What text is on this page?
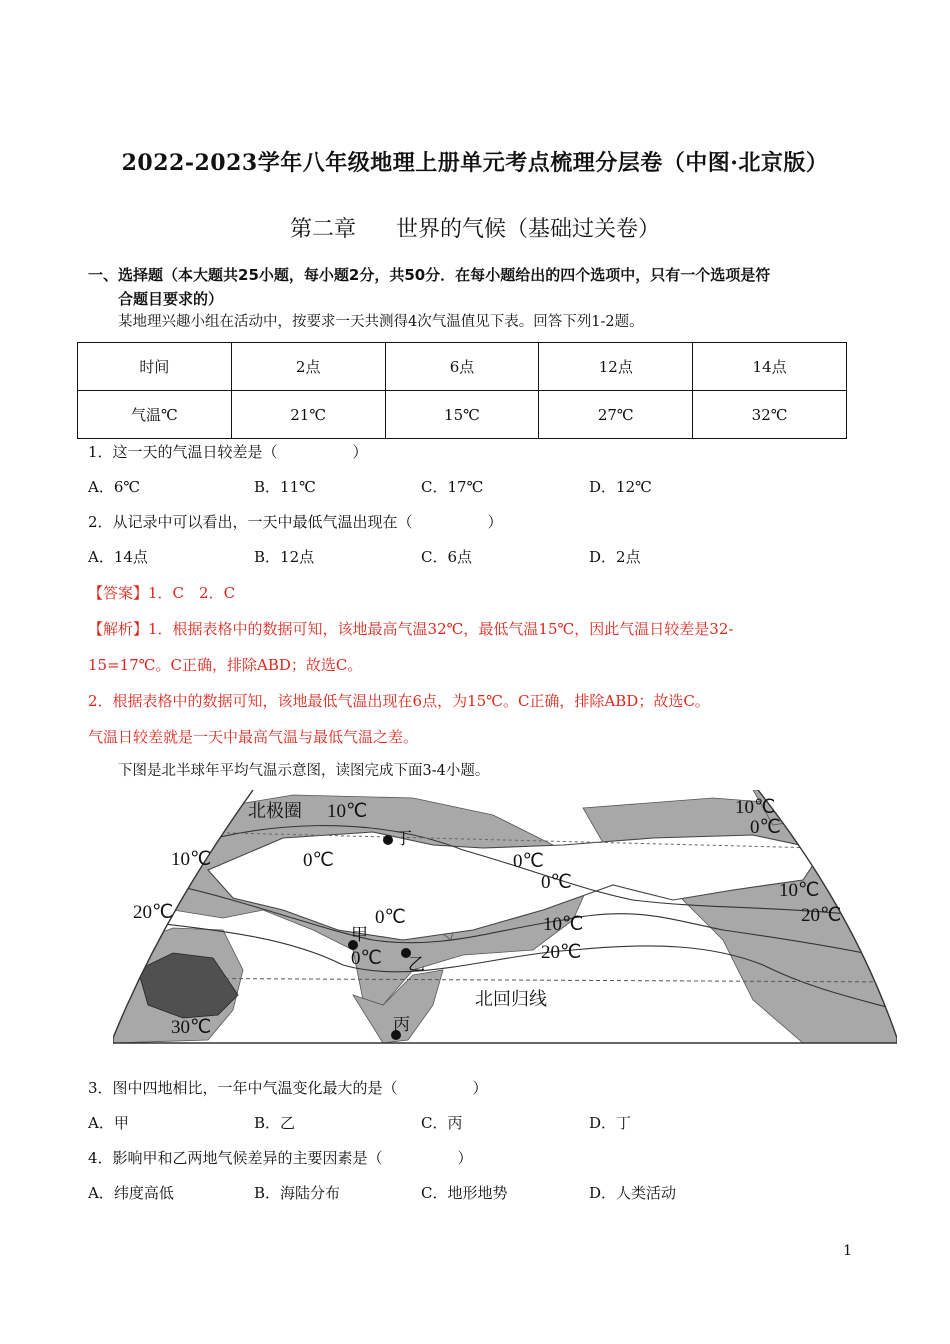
2022-2023学年八年级地理上册单元考点梳理分层卷（中图·北京版）
第二章 世界的气候（基础过关卷）
一、选择题（本大题共25小题，每小题2分，共50分．在每小题给出的四个选项中，只有一个选项是符
合题目要求的）
某地理兴趣小组在活动中，按要求一天共测得4次气温值见下表。回答下列1-2题。
时间	2点	6点	12点	14点
气温℃	21℃	15℃	27℃	32℃
1．这一天的气温日较差是（　　　　　）
A．6℃	B．11℃	C．17℃	D．12℃
2．从记录中可以看出，一天中最低气温出现在（　　　　　）
A．14点	B．12点	C．6点	D．2点
【答案】1．C　2．C
【解析】1．根据表格中的数据可知，该地最高气温32℃，最低气温15℃，因此气温日较差是32-
15=17℃。C正确，排除ABD；故选C。
2．根据表格中的数据可知，该地最低气温出现在6点，为15℃。C正确，排除ABD；故选C。
气温日较差就是一天中最高气温与最低气温之差。
下图是北半球年平均气温示意图，读图完成下面3-4小题。
北极圈
北回归线
10℃
10℃
10℃
10℃
10℃
0℃	0℃
0℃
0℃
0℃
0℃
20℃
20℃
20℃
30℃
甲
乙
丙
丁
3．图中四地相比，一年中气温变化最大的是（　　　　　）
A．甲	B．乙	C．丙	D．丁
4．影响甲和乙两地气候差异的主要因素是（　　　　　）
A．纬度高低	B．海陆分布	C．地形地势	D．人类活动
1
